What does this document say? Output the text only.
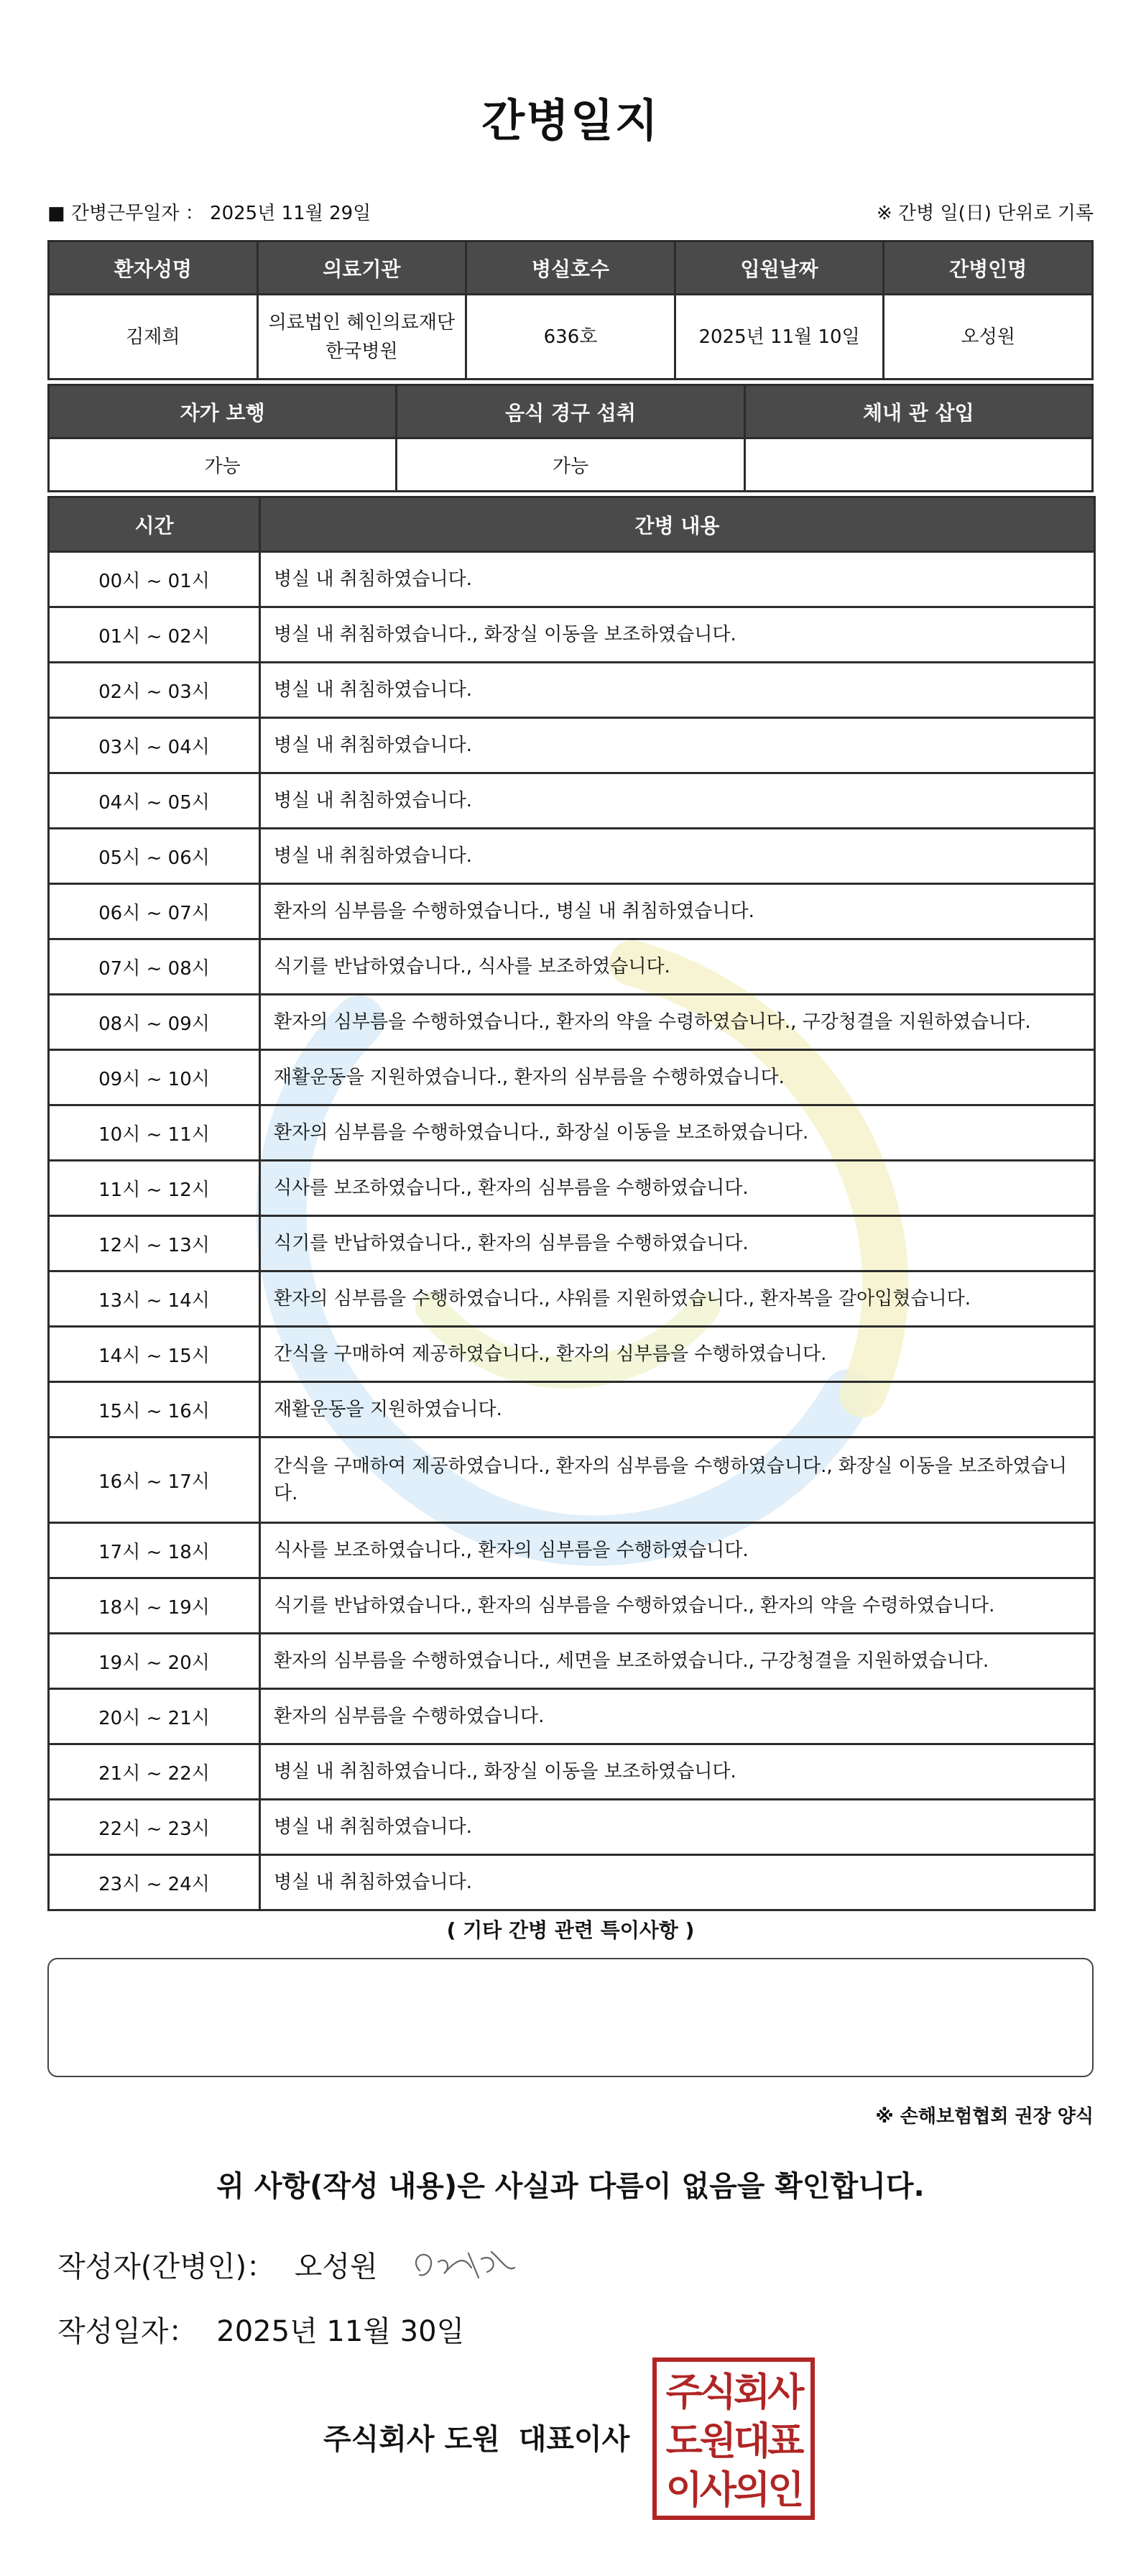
간병일지
■ 간병근무일자 ： 2025년 11월 29일	※ 간병 일(日) 단위로 기록
환자성명	의료기관	병실호수	입원날짜	간병인명
김제희	의료법인 혜인의료재단 한국병원	636호	2025년 11월 10일	오성원
자가 보행	음식 경구 섭취	체내 관 삽입
가능	가능	
시간	간병 내용
00시 ~ 01시	병실 내 취침하였습니다.
01시 ~ 02시	병실 내 취침하였습니다., 화장실 이동을 보조하였습니다.
02시 ~ 03시	병실 내 취침하였습니다.
03시 ~ 04시	병실 내 취침하였습니다.
04시 ~ 05시	병실 내 취침하였습니다.
05시 ~ 06시	병실 내 취침하였습니다.
06시 ~ 07시	환자의 심부름을 수행하였습니다., 병실 내 취침하였습니다.
07시 ~ 08시	식기를 반납하였습니다., 식사를 보조하였습니다.
08시 ~ 09시	환자의 심부름을 수행하였습니다., 환자의 약을 수령하였습니다., 구강청결을 지원하였습니다.
09시 ~ 10시	재활운동을 지원하였습니다., 환자의 심부름을 수행하였습니다.
10시 ~ 11시	환자의 심부름을 수행하였습니다., 화장실 이동을 보조하였습니다.
11시 ~ 12시	식사를 보조하였습니다., 환자의 심부름을 수행하였습니다.
12시 ~ 13시	식기를 반납하였습니다., 환자의 심부름을 수행하였습니다.
13시 ~ 14시	환자의 심부름을 수행하였습니다., 샤워를 지원하였습니다., 환자복을 갈아입혔습니다.
14시 ~ 15시	간식을 구매하여 제공하였습니다., 환자의 심부름을 수행하였습니다.
15시 ~ 16시	재활운동을 지원하였습니다.
16시 ~ 17시	간식을 구매하여 제공하였습니다., 환자의 심부름을 수행하였습니다., 화장실 이동을 보조하였습니다.
17시 ~ 18시	식사를 보조하였습니다., 환자의 심부름을 수행하였습니다.
18시 ~ 19시	식기를 반납하였습니다., 환자의 심부름을 수행하였습니다., 환자의 약을 수령하였습니다.
19시 ~ 20시	환자의 심부름을 수행하였습니다., 세면을 보조하였습니다., 구강청결을 지원하였습니다.
20시 ~ 21시	환자의 심부름을 수행하였습니다.
21시 ~ 22시	병실 내 취침하였습니다., 화장실 이동을 보조하였습니다.
22시 ~ 23시	병실 내 취침하였습니다.
23시 ~ 24시	병실 내 취침하였습니다.
( 기타 간병 관련 특이사항 )
※ 손해보험협회 권장 양식
위 사항(작성 내용)은 사실과 다름이 없음을 확인합니다.
작성자(간병인)： 오성원
작성일자： 2025년 11월 30일
주식회사 도원 대표이사
주식회사
도원대표
이사의인
